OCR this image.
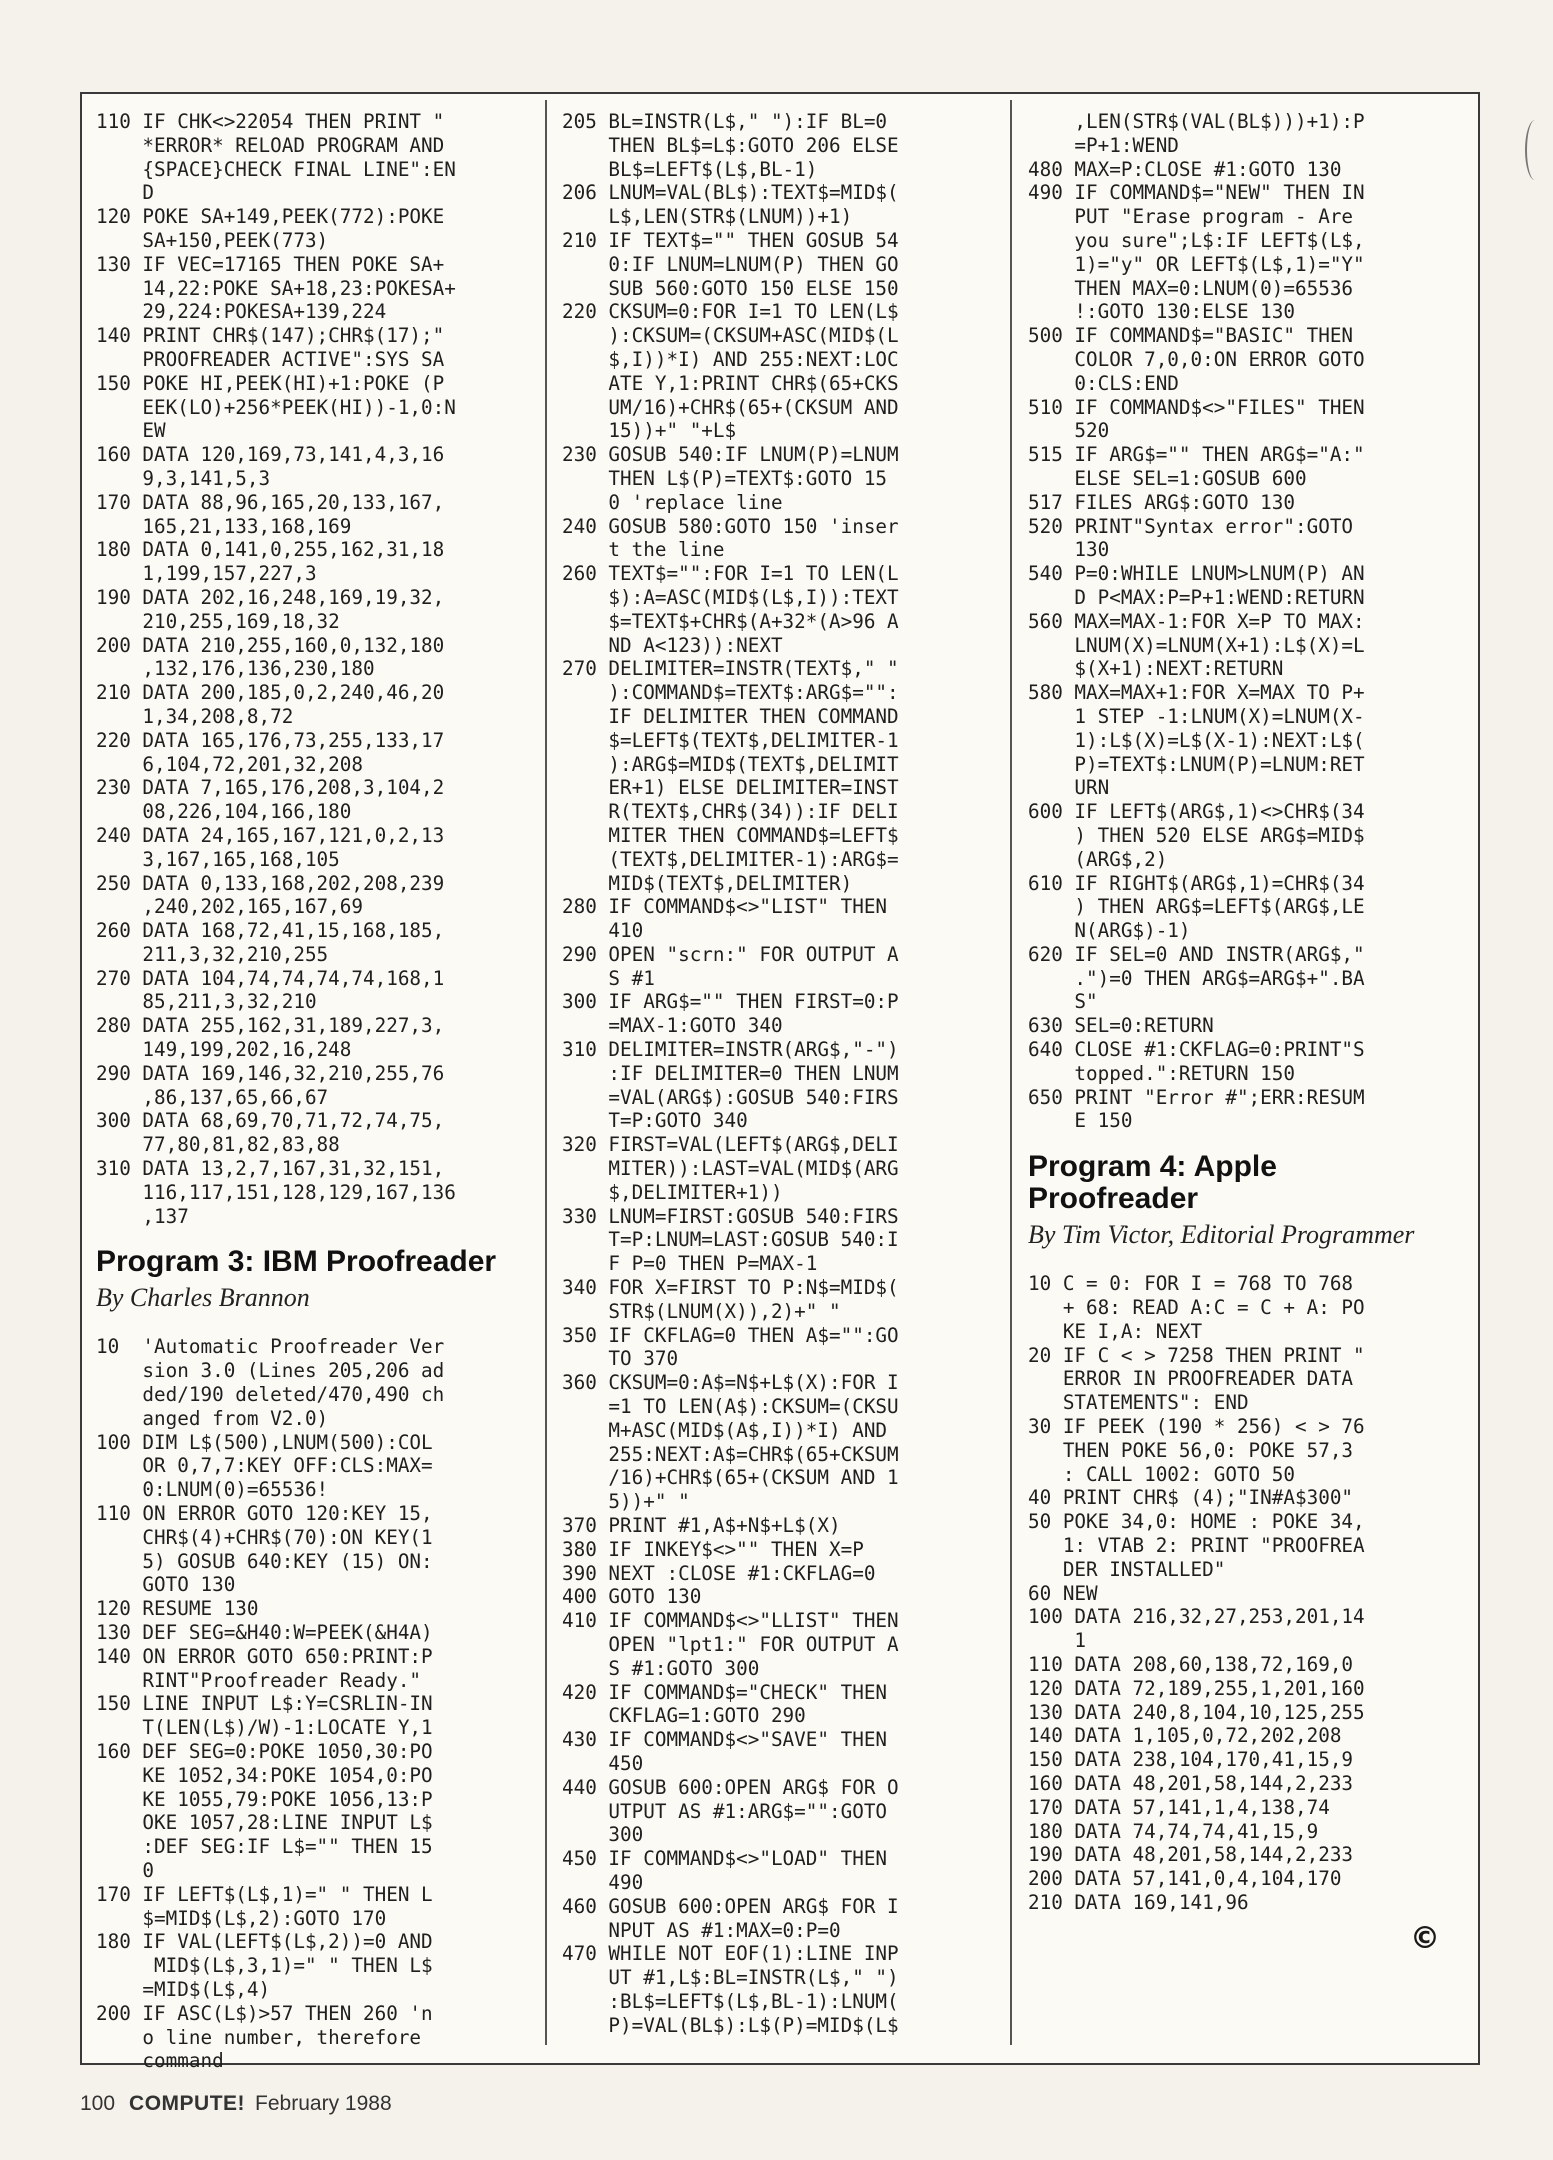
110 IF CHK<>22054 THEN PRINT "
*ERROR* RELOAD PROGRAM AND
{SPACE}CHECK FINAL LINE":EN
D
120 POKE SA+149,PEEK(772):POKE
SA+150,PEEK(773)
130 IF VEC=17165 THEN POKE SA+
14,22:POKE SA+18,23:POKESA+
29,224:POKESA+139,224
140 PRINT CHR$(147);CHR$(17);"
PROOFREADER ACTIVE":SYS SA
150 POKE HI,PEEK(HI)+1:POKE (P
EEK(LO)+256*PEEK(HI))-1,0:N
EW
160 DATA 120,169,73,141,4,3,16
9,3,141,5,3
170 DATA 88,96,165,20,133,167,
165,21,133,168,169
180 DATA 0,141,0,255,162,31,18
1,199,157,227,3
190 DATA 202,16,248,169,19,32,
210,255,169,18,32
200 DATA 210,255,160,0,132,180
,132,176,136,230,180
210 DATA 200,185,0,2,240,46,20
1,34,208,8,72
220 DATA 165,176,73,255,133,17
6,104,72,201,32,208
230 DATA 7,165,176,208,3,104,2
08,226,104,166,180
240 DATA 24,165,167,121,0,2,13
3,167,165,168,105
250 DATA 0,133,168,202,208,239
,240,202,165,167,69
260 DATA 168,72,41,15,168,185,
211,3,32,210,255
270 DATA 104,74,74,74,74,168,1
85,211,3,32,210
280 DATA 255,162,31,189,227,3,
149,199,202,16,248
290 DATA 169,146,32,210,255,76
,86,137,65,66,67
300 DATA 68,69,70,71,72,74,75,
77,80,81,82,83,88
310 DATA 13,2,7,167,31,32,151,
116,117,151,128,129,167,136
,137
Program 3: IBM Proofreader
By Charles Brannon
10  'Automatic Proofreader Ver
sion 3.0 (Lines 205,206 ad
ded/190 deleted/470,490 ch
anged from V2.0)
100 DIM L$(500),LNUM(500):COL
OR 0,7,7:KEY OFF:CLS:MAX=
0:LNUM(0)=65536!
110 ON ERROR GOTO 120:KEY 15,
CHR$(4)+CHR$(70):ON KEY(1
5) GOSUB 640:KEY (15) ON:
GOTO 130
120 RESUME 130
130 DEF SEG=&H40:W=PEEK(&H4A)
140 ON ERROR GOTO 650:PRINT:P
RINT"Proofreader Ready."
150 LINE INPUT L$:Y=CSRLIN-IN
T(LEN(L$)/W)-1:LOCATE Y,1
160 DEF SEG=0:POKE 1050,30:PO
KE 1052,34:POKE 1054,0:PO
KE 1055,79:POKE 1056,13:P
OKE 1057,28:LINE INPUT L$
:DEF SEG:IF L$="" THEN 15
0
170 IF LEFT$(L$,1)=" " THEN L
$=MID$(L$,2):GOTO 170
180 IF VAL(LEFT$(L$,2))=0 AND
MID$(L$,3,1)=" " THEN L$
=MID$(L$,4)
200 IF ASC(L$)>57 THEN 260 'n
o line number, therefore
command
205 BL=INSTR(L$," "):IF BL=0
THEN BL$=L$:GOTO 206 ELSE
BL$=LEFT$(L$,BL-1)
206 LNUM=VAL(BL$):TEXT$=MID$(
L$,LEN(STR$(LNUM))+1)
210 IF TEXT$="" THEN GOSUB 54
0:IF LNUM=LNUM(P) THEN GO
SUB 560:GOTO 150 ELSE 150
220 CKSUM=0:FOR I=1 TO LEN(L$
):CKSUM=(CKSUM+ASC(MID$(L
$,I))*I) AND 255:NEXT:LOC
ATE Y,1:PRINT CHR$(65+CKS
UM/16)+CHR$(65+(CKSUM AND
15))+" "+L$
230 GOSUB 540:IF LNUM(P)=LNUM
THEN L$(P)=TEXT$:GOTO 15
0 'replace line
240 GOSUB 580:GOTO 150 'inser
t the line
260 TEXT$="":FOR I=1 TO LEN(L
$):A=ASC(MID$(L$,I)):TEXT
$=TEXT$+CHR$(A+32*(A>96 A
ND A<123)):NEXT
270 DELIMITER=INSTR(TEXT$," "
):COMMAND$=TEXT$:ARG$="":
IF DELIMITER THEN COMMAND
$=LEFT$(TEXT$,DELIMITER-1
):ARG$=MID$(TEXT$,DELIMIT
ER+1) ELSE DELIMITER=INST
R(TEXT$,CHR$(34)):IF DELI
MITER THEN COMMAND$=LEFT$
(TEXT$,DELIMITER-1):ARG$=
MID$(TEXT$,DELIMITER)
280 IF COMMAND$<>"LIST" THEN
410
290 OPEN "scrn:" FOR OUTPUT A
S #1
300 IF ARG$="" THEN FIRST=0:P
=MAX-1:GOTO 340
310 DELIMITER=INSTR(ARG$,"-")
:IF DELIMITER=0 THEN LNUM
=VAL(ARG$):GOSUB 540:FIRS
T=P:GOTO 340
320 FIRST=VAL(LEFT$(ARG$,DELI
MITER)):LAST=VAL(MID$(ARG
$,DELIMITER+1))
330 LNUM=FIRST:GOSUB 540:FIRS
T=P:LNUM=LAST:GOSUB 540:I
F P=0 THEN P=MAX-1
340 FOR X=FIRST TO P:N$=MID$(
STR$(LNUM(X)),2)+" "
350 IF CKFLAG=0 THEN A$="":GO
TO 370
360 CKSUM=0:A$=N$+L$(X):FOR I
=1 TO LEN(A$):CKSUM=(CKSU
M+ASC(MID$(A$,I))*I) AND
255:NEXT:A$=CHR$(65+CKSUM
/16)+CHR$(65+(CKSUM AND 1
5))+" "
370 PRINT #1,A$+N$+L$(X)
380 IF INKEY$<>"" THEN X=P
390 NEXT :CLOSE #1:CKFLAG=0
400 GOTO 130
410 IF COMMAND$<>"LLIST" THEN
OPEN "lpt1:" FOR OUTPUT A
S #1:GOTO 300
420 IF COMMAND$="CHECK" THEN
CKFLAG=1:GOTO 290
430 IF COMMAND$<>"SAVE" THEN
450
440 GOSUB 600:OPEN ARG$ FOR O
UTPUT AS #1:ARG$="":GOTO
300
450 IF COMMAND$<>"LOAD" THEN
490
460 GOSUB 600:OPEN ARG$ FOR I
NPUT AS #1:MAX=0:P=0
470 WHILE NOT EOF(1):LINE INP
UT #1,L$:BL=INSTR(L$," ")
:BL$=LEFT$(L$,BL-1):LNUM(
P)=VAL(BL$):L$(P)=MID$(L$
,LEN(STR$(VAL(BL$)))+1):P
=P+1:WEND
480 MAX=P:CLOSE #1:GOTO 130
490 IF COMMAND$="NEW" THEN IN
PUT "Erase program - Are
you sure";L$:IF LEFT$(L$,
1)="y" OR LEFT$(L$,1)="Y"
THEN MAX=0:LNUM(0)=65536
!:GOTO 130:ELSE 130
500 IF COMMAND$="BASIC" THEN
COLOR 7,0,0:ON ERROR GOTO
0:CLS:END
510 IF COMMAND$<>"FILES" THEN
520
515 IF ARG$="" THEN ARG$="A:"
ELSE SEL=1:GOSUB 600
517 FILES ARG$:GOTO 130
520 PRINT"Syntax error":GOTO
130
540 P=0:WHILE LNUM>LNUM(P) AN
D P<MAX:P=P+1:WEND:RETURN
560 MAX=MAX-1:FOR X=P TO MAX:
LNUM(X)=LNUM(X+1):L$(X)=L
$(X+1):NEXT:RETURN
580 MAX=MAX+1:FOR X=MAX TO P+
1 STEP -1:LNUM(X)=LNUM(X-
1):L$(X)=L$(X-1):NEXT:L$(
P)=TEXT$:LNUM(P)=LNUM:RET
URN
600 IF LEFT$(ARG$,1)<>CHR$(34
) THEN 520 ELSE ARG$=MID$
(ARG$,2)
610 IF RIGHT$(ARG$,1)=CHR$(34
) THEN ARG$=LEFT$(ARG$,LE
N(ARG$)-1)
620 IF SEL=0 AND INSTR(ARG$,"
.")=0 THEN ARG$=ARG$+".BA
S"
630 SEL=0:RETURN
640 CLOSE #1:CKFLAG=0:PRINT"S
topped.":RETURN 150
650 PRINT "Error #";ERR:RESUM
E 150
Program 4: Apple Proofreader
By Tim Victor, Editorial Programmer
10 C = 0: FOR I = 768 TO 768
+ 68: READ A:C = C + A: PO
KE I,A: NEXT
20 IF C < > 7258 THEN PRINT "
ERROR IN PROOFREADER DATA
STATEMENTS": END
30 IF PEEK (190 * 256) < > 76
THEN POKE 56,0: POKE 57,3
: CALL 1002: GOTO 50
40 PRINT CHR$ (4);"IN#A$300"
50 POKE 34,0: HOME : POKE 34,
1: VTAB 2: PRINT "PROOFREA
DER INSTALLED"
60 NEW
100 DATA 216,32,27,253,201,14
1
110 DATA 208,60,138,72,169,0
120 DATA 72,189,255,1,201,160
130 DATA 240,8,104,10,125,255
140 DATA 1,105,0,72,202,208
150 DATA 238,104,170,41,15,9
160 DATA 48,201,58,144,2,233
170 DATA 57,141,1,4,138,74
180 DATA 74,74,74,41,15,9
190 DATA 48,201,58,144,2,233
200 DATA 57,141,0,4,104,170
210 DATA 169,141,96
©
100 COMPUTE! February 1988
